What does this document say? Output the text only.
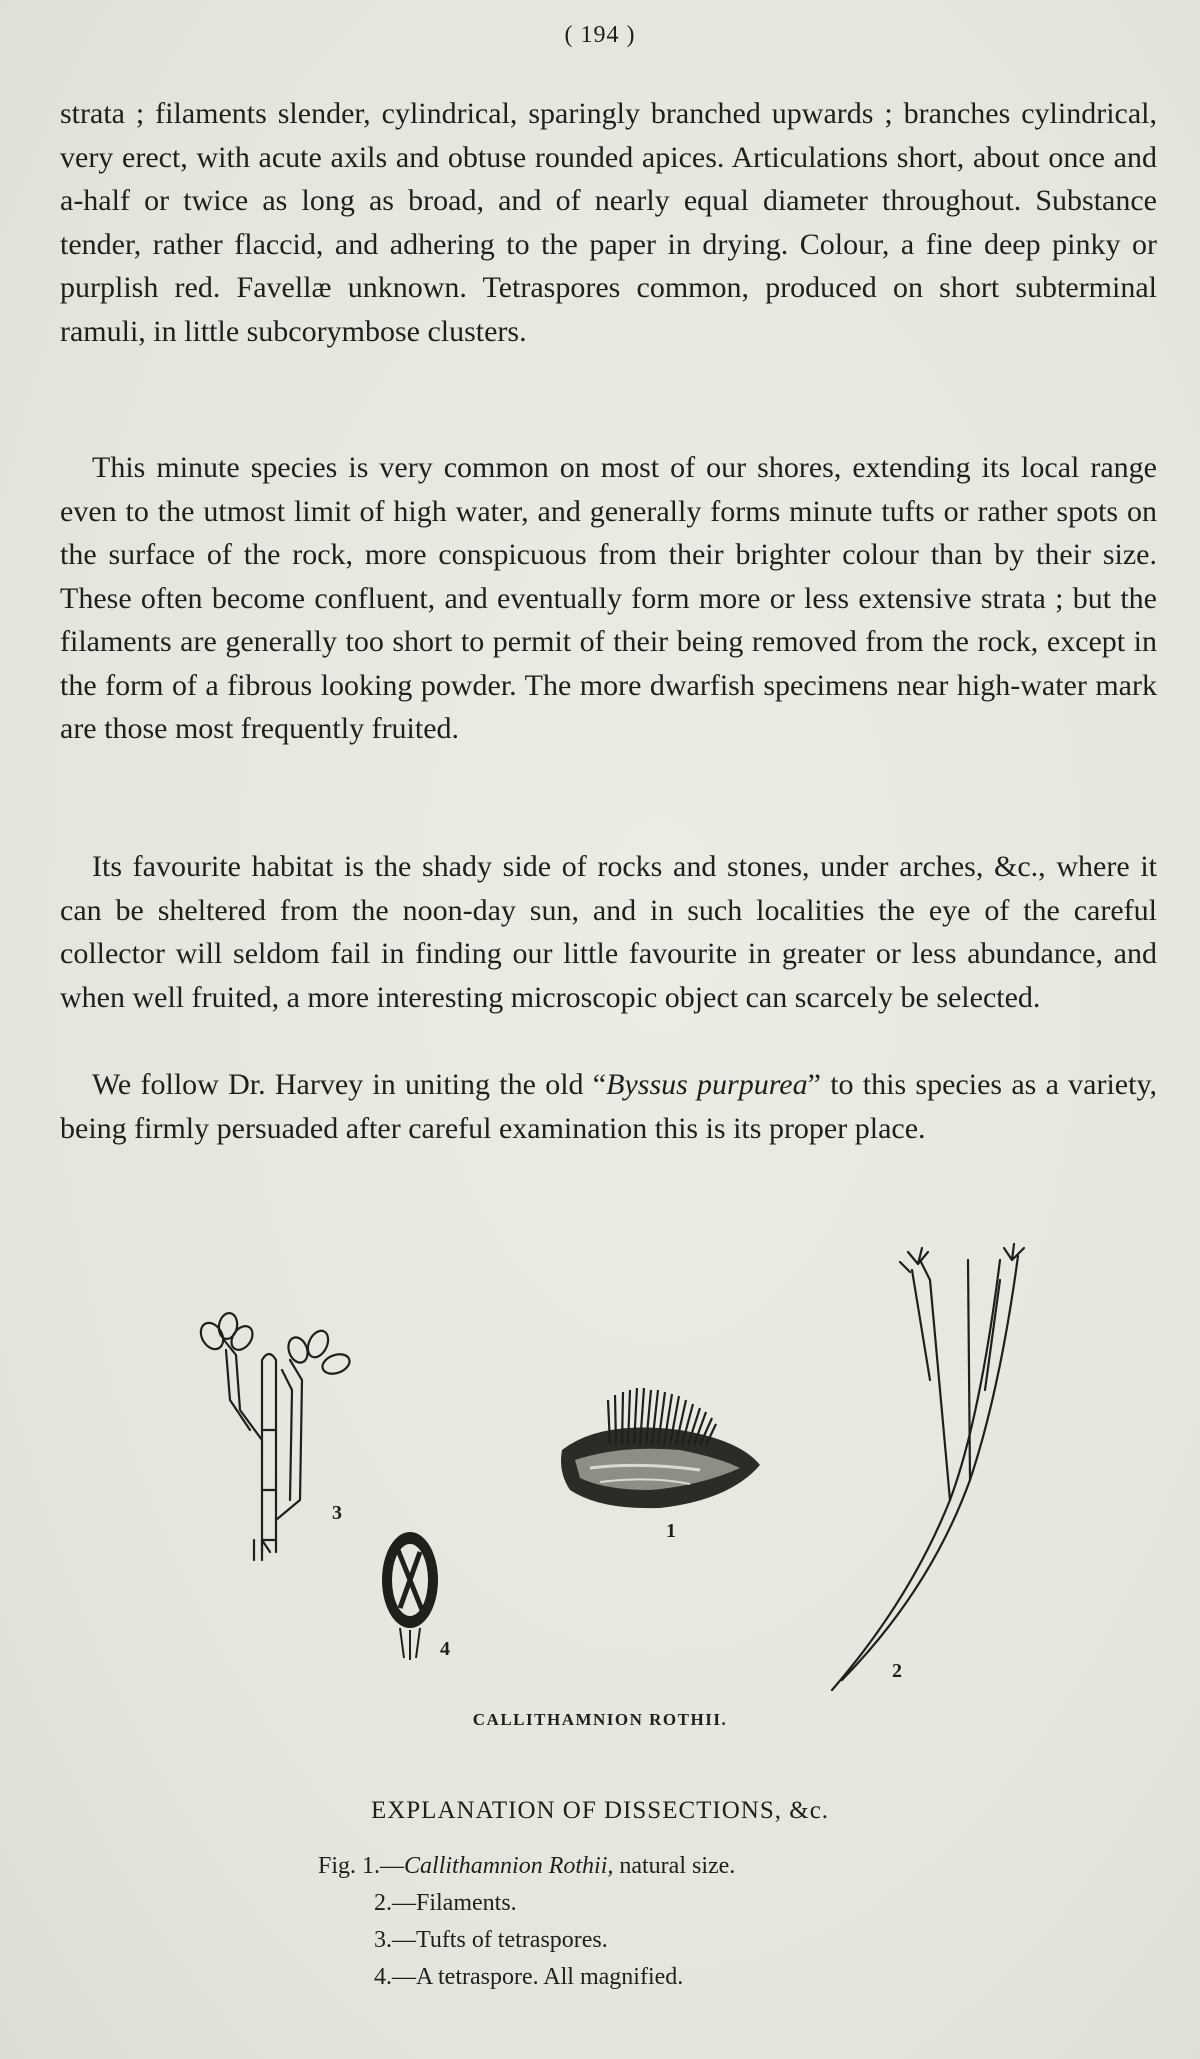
( 194 )

strata ; filaments slender, cylindrical, sparingly branched upwards ; branches cylindrical, very erect, with acute axils and obtuse rounded apices. Articulations short, about once and a-half or twice as long as broad, and of nearly equal diameter throughout. Substance tender, rather flaccid, and adhering to the paper in drying. Colour, a fine deep pinky or purplish red. Favellæ unknown. Tetraspores common, produced on short subterminal ramuli, in little subcorymbose clusters.

This minute species is very common on most of our shores, extending its local range even to the utmost limit of high water, and generally forms minute tufts or rather spots on the surface of the rock, more conspicuous from their brighter colour than by their size. These often become confluent, and eventually form more or less extensive strata ; but the filaments are generally too short to permit of their being removed from the rock, except in the form of a fibrous looking powder. The more dwarfish specimens near high-water mark are those most frequently fruited.

Its favourite habitat is the shady side of rocks and stones, under arches, &c., where it can be sheltered from the noon-day sun, and in such localities the eye of the careful collector will seldom fail in finding our little favourite in greater or less abundance, and when well fruited, a more interesting microscopic object can scarcely be selected.

We follow Dr. Harvey in uniting the old “Byssus purpurea” to this species as a variety, being firmly persuaded after careful examination this is its proper place.

3
4
1
2
CALLITHAMNION ROTHII.
EXPLANATION OF DISSECTIONS, &c.
Fig. 1.—Callithamnion Rothii, natural size.
2.—Filaments.
3.—Tufts of tetraspores.
4.—A tetraspore. All magnified.
